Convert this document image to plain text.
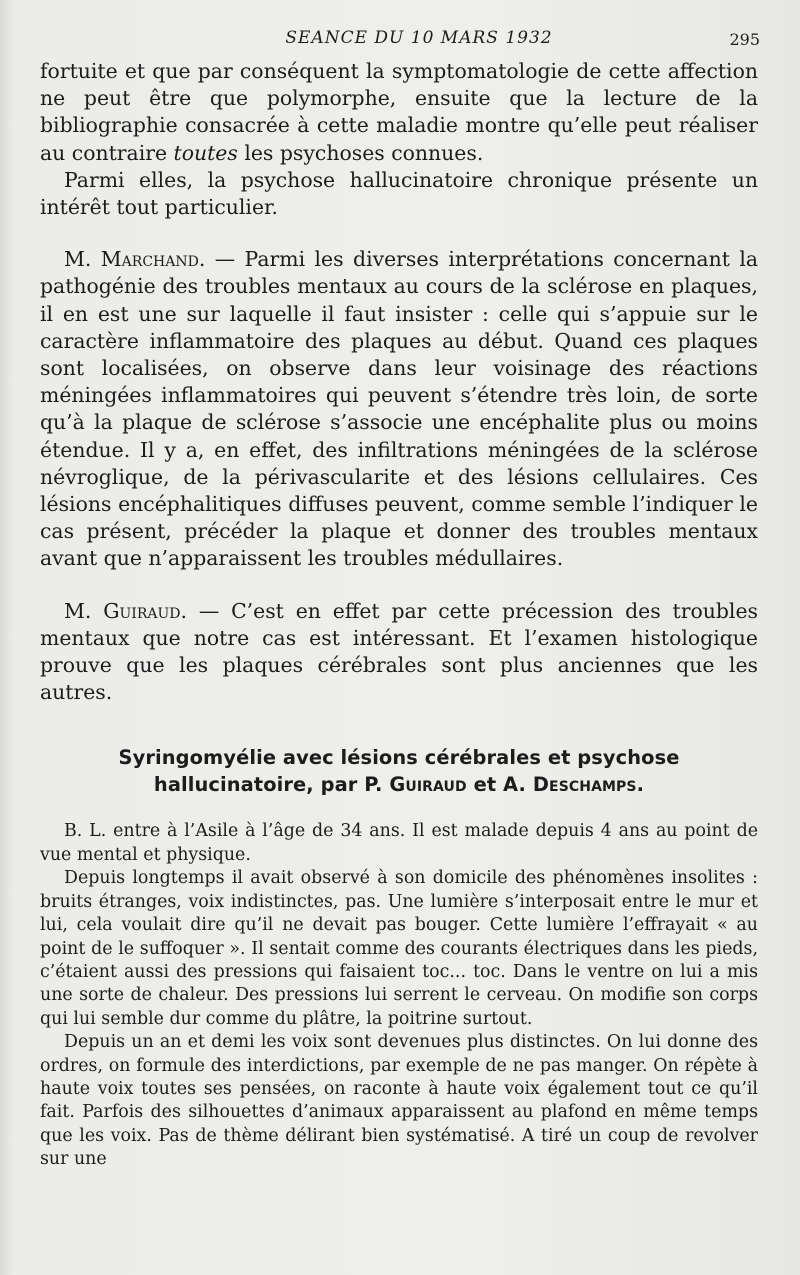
SEANCE DU 10 MARS 1932	295

fortuite et que par conséquent la symptomatologie de cette affection ne peut être que polymorphe, ensuite que la lecture de la bibliographie consacrée à cette maladie montre qu’elle peut réaliser au contraire toutes les psychoses connues.

Parmi elles, la psychose hallucinatoire chronique présente un intérêt tout particulier.

M. Marchand. — Parmi les diverses interprétations concernant la pathogénie des troubles mentaux au cours de la sclérose en plaques, il en est une sur laquelle il faut insister : celle qui s’appuie sur le caractère inflammatoire des plaques au début. Quand ces plaques sont localisées, on observe dans leur voisinage des réactions méningées inflammatoires qui peuvent s’étendre très loin, de sorte qu’à la plaque de sclérose s’associe une encéphalite plus ou moins étendue. Il y a, en effet, des infiltrations méningées de la sclérose névroglique, de la périvascularite et des lésions cellulaires. Ces lésions encéphalitiques diffuses peuvent, comme semble l’indiquer le cas présent, précéder la plaque et donner des troubles mentaux avant que n’apparaissent les troubles médullaires.

M. Guiraud. — C’est en effet par cette précession des troubles mentaux que notre cas est intéressant. Et l’examen histologique prouve que les plaques cérébrales sont plus anciennes que les autres.

Syringomyélie avec lésions cérébrales et psychose
hallucinatoire, par P. Guiraud et A. Deschamps.

B. L. entre à l’Asile à l’âge de 34 ans. Il est malade depuis 4 ans au point de vue mental et physique.

Depuis longtemps il avait observé à son domicile des phénomènes insolites : bruits étranges, voix indistinctes, pas. Une lumière s’interposait entre le mur et lui, cela voulait dire qu’il ne devait pas bouger. Cette lumière l’effrayait « au point de le suffoquer ». Il sentait comme des courants électriques dans les pieds, c’étaient aussi des pressions qui faisaient toc... toc. Dans le ventre on lui a mis une sorte de chaleur. Des pressions lui serrent le cerveau. On modifie son corps qui lui semble dur comme du plâtre, la poitrine surtout.

Depuis un an et demi les voix sont devenues plus distinctes. On lui donne des ordres, on formule des interdictions, par exemple de ne pas manger. On répète à haute voix toutes ses pensées, on raconte à haute voix également tout ce qu’il fait. Parfois des silhouettes d’animaux apparaissent au plafond en même temps que les voix. Pas de thème délirant bien systématisé. A tiré un coup de revolver sur une
